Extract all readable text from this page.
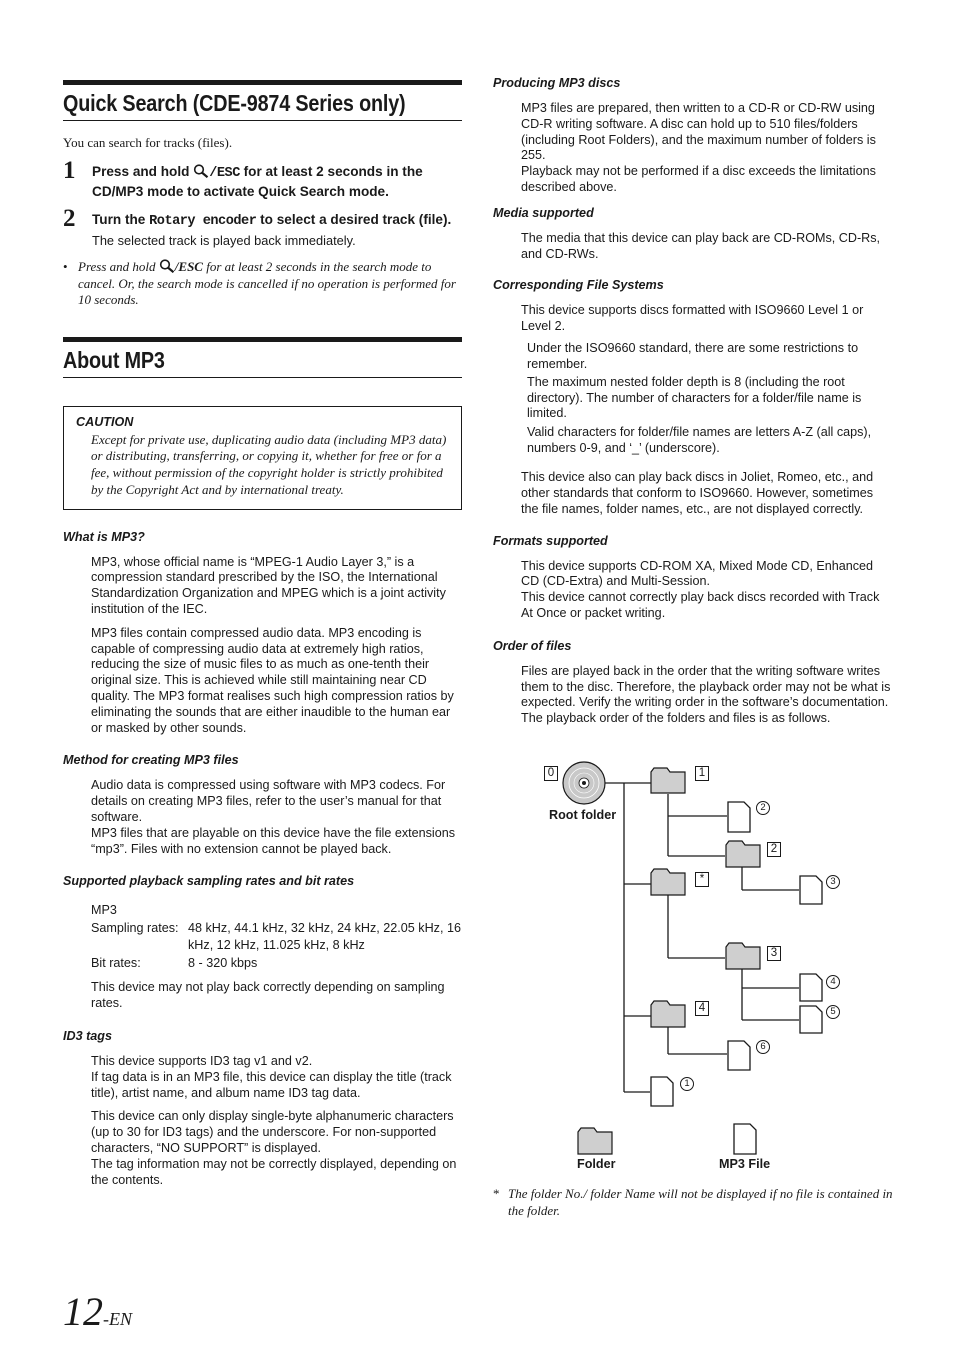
Quick Search (CDE-9874 Series only)
You can search for tracks (files).
1 Press and hold /ESC for at least 2 seconds in the CD/MP3 mode to activate Quick Search mode.
2 Turn the Rotary encoder to select a desired track (file).
The selected track is played back immediately.
• Press and hold /ESC for at least 2 seconds in the search mode to cancel. Or, the search mode is cancelled if no operation is performed for 10 seconds.
About MP3
CAUTION
Except for private use, duplicating audio data (including MP3 data) or distributing, transferring, or copying it, whether for free or for a fee, without permission of the copyright holder is strictly prohibited by the Copyright Act and by international treaty.
What is MP3?
MP3, whose official name is “MPEG-1 Audio Layer 3,” is a compression standard prescribed by the ISO, the International Standardization Organization and MPEG which is a joint activity institution of the IEC.
MP3 files contain compressed audio data. MP3 encoding is capable of compressing audio data at extremely high ratios, reducing the size of music files to as much as one-tenth their original size. This is achieved while still maintaining near CD quality. The MP3 format realises such high compression ratios by eliminating the sounds that are either inaudible to the human ear or masked by other sounds.
Method for creating MP3 files
Audio data is compressed using software with MP3 codecs. For details on creating MP3 files, refer to the user’s manual for that software.
MP3 files that are playable on this device have the file extensions “mp3”. Files with no extension cannot be played back.
Supported playback sampling rates and bit rates
MP3
Sampling rates: 48 kHz, 44.1 kHz, 32 kHz, 24 kHz, 22.05 kHz, 16 kHz, 12 kHz, 11.025 kHz, 8 kHz
Bit rates:	8 - 320 kbps
This device may not play back correctly depending on sampling rates.
ID3 tags
This device supports ID3 tag v1 and v2.
If tag data is in an MP3 file, this device can display the title (track title), artist name, and album name ID3 tag data.
This device can only display single-byte alphanumeric characters (up to 30 for ID3 tags) and the underscore. For non-supported characters, “NO SUPPORT” is displayed.
The tag information may not be correctly displayed, depending on the contents.
Producing MP3 discs
MP3 files are prepared, then written to a CD-R or CD-RW using CD-R writing software. A disc can hold up to 510 files/folders (including Root Folders), and the maximum number of folders is 255.
Playback may not be performed if a disc exceeds the limitations described above.
Media supported
The media that this device can play back are CD-ROMs, CD-Rs, and CD-RWs.
Corresponding File Systems
This device supports discs formatted with ISO9660 Level 1 or Level 2.
Under the ISO9660 standard, there are some restrictions to remember.
The maximum nested folder depth is 8 (including the root directory). The number of characters for a folder/file name is limited.
Valid characters for folder/file names are letters A-Z (all caps), numbers 0-9, and ‘_’ (underscore).
This device also can play back discs in Joliet, Romeo, etc., and other standards that conform to ISO9660. However, sometimes the file names, folder names, etc., are not displayed correctly.
Formats supported
This device supports CD-ROM XA, Mixed Mode CD, Enhanced CD (CD-Extra) and Multi-Session.
This device cannot correctly play back discs recorded with Track At Once or packet writing.
Order of files
Files are played back in the order that the writing software writes them to the disc. Therefore, the playback order may not be what is expected. Verify the writing order in the software’s documentation. The playback order of the folders and files is as follows.
0
Root folder
1
2
*
3
4
2
3
4
5
6
1
Folder	MP3 File
* The folder No./ folder Name will not be displayed if no file is contained in the folder.
12-EN
